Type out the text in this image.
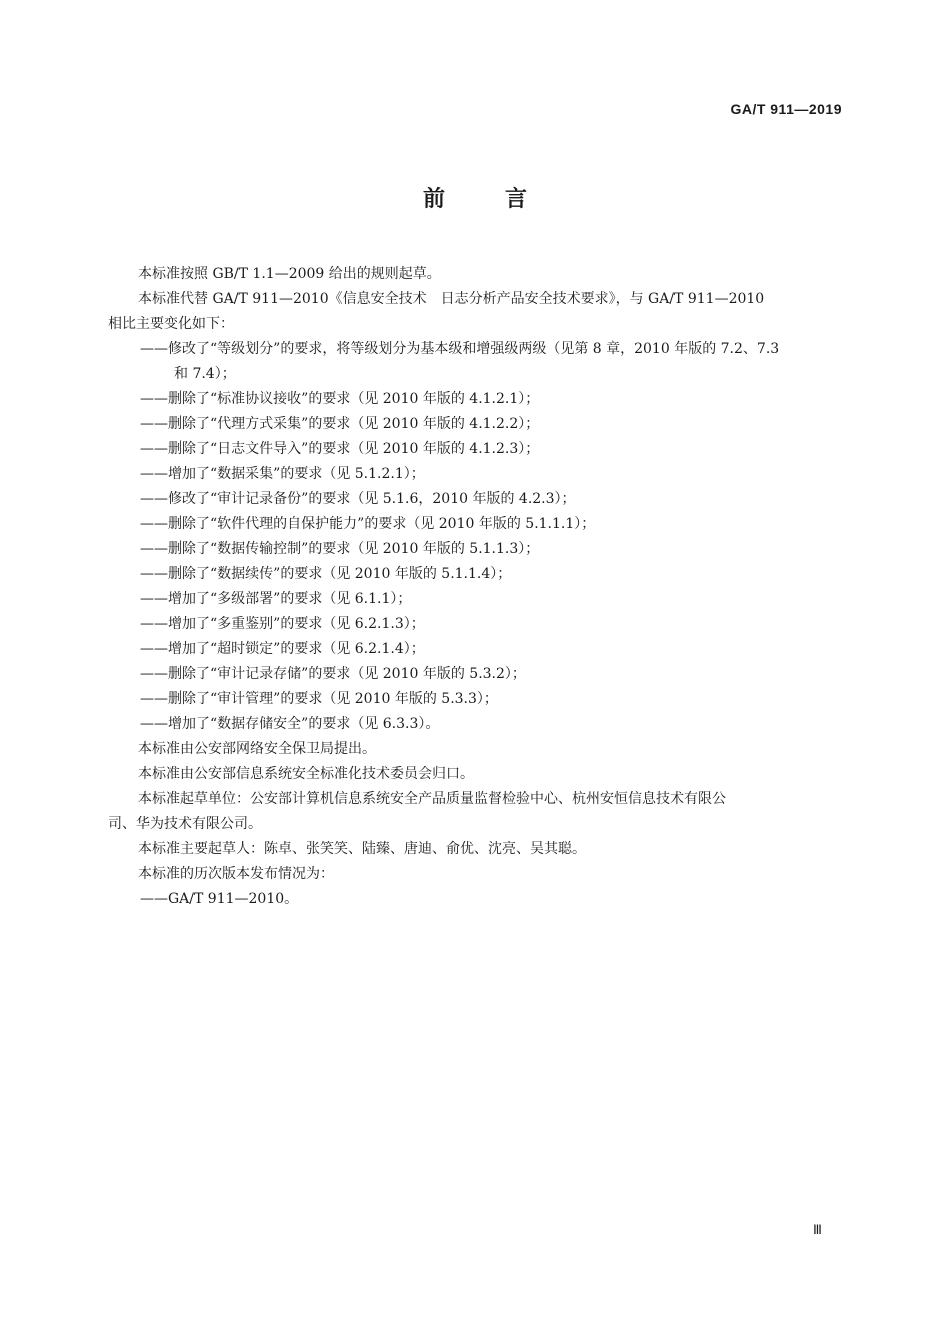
GA/T 911—2019
前	言

本标准按照 GB/T 1.1—2009 给出的规则起草。

本标准代替 GA/T 911—2010《信息安全技术　日志分析产品安全技术要求》，与 GA/T 911—2010

相比主要变化如下：

——修改了“等级划分”的要求，将等级划分为基本级和增强级两级（见第 8 章，2010 年版的 7.2、7.3

和 7.4）；

——删除了“标准协议接收”的要求（见 2010 年版的 4.1.2.1）；

——删除了“代理方式采集”的要求（见 2010 年版的 4.1.2.2）；

——删除了“日志文件导入”的要求（见 2010 年版的 4.1.2.3）；

——增加了“数据采集”的要求（见 5.1.2.1）；

——修改了“审计记录备份”的要求（见 5.1.6，2010 年版的 4.2.3）；

——删除了“软件代理的自保护能力”的要求（见 2010 年版的 5.1.1.1）；

——删除了“数据传输控制”的要求（见 2010 年版的 5.1.1.3）；

——删除了“数据续传”的要求（见 2010 年版的 5.1.1.4）；

——增加了“多级部署”的要求（见 6.1.1）；

——增加了“多重鉴别”的要求（见 6.2.1.3）；

——增加了“超时锁定”的要求（见 6.2.1.4）；

——删除了“审计记录存储”的要求（见 2010 年版的 5.3.2）；

——删除了“审计管理”的要求（见 2010 年版的 5.3.3）；

——增加了“数据存储安全”的要求（见 6.3.3）。

本标准由公安部网络安全保卫局提出。

本标准由公安部信息系统安全标准化技术委员会归口。

本标准起草单位：公安部计算机信息系统安全产品质量监督检验中心、杭州安恒信息技术有限公

司、华为技术有限公司。

本标准主要起草人：陈卓、张笑笑、陆臻、唐迪、俞优、沈亮、吴其聪。

本标准的历次版本发布情况为：

——GA/T 911—2010。

Ⅲ
